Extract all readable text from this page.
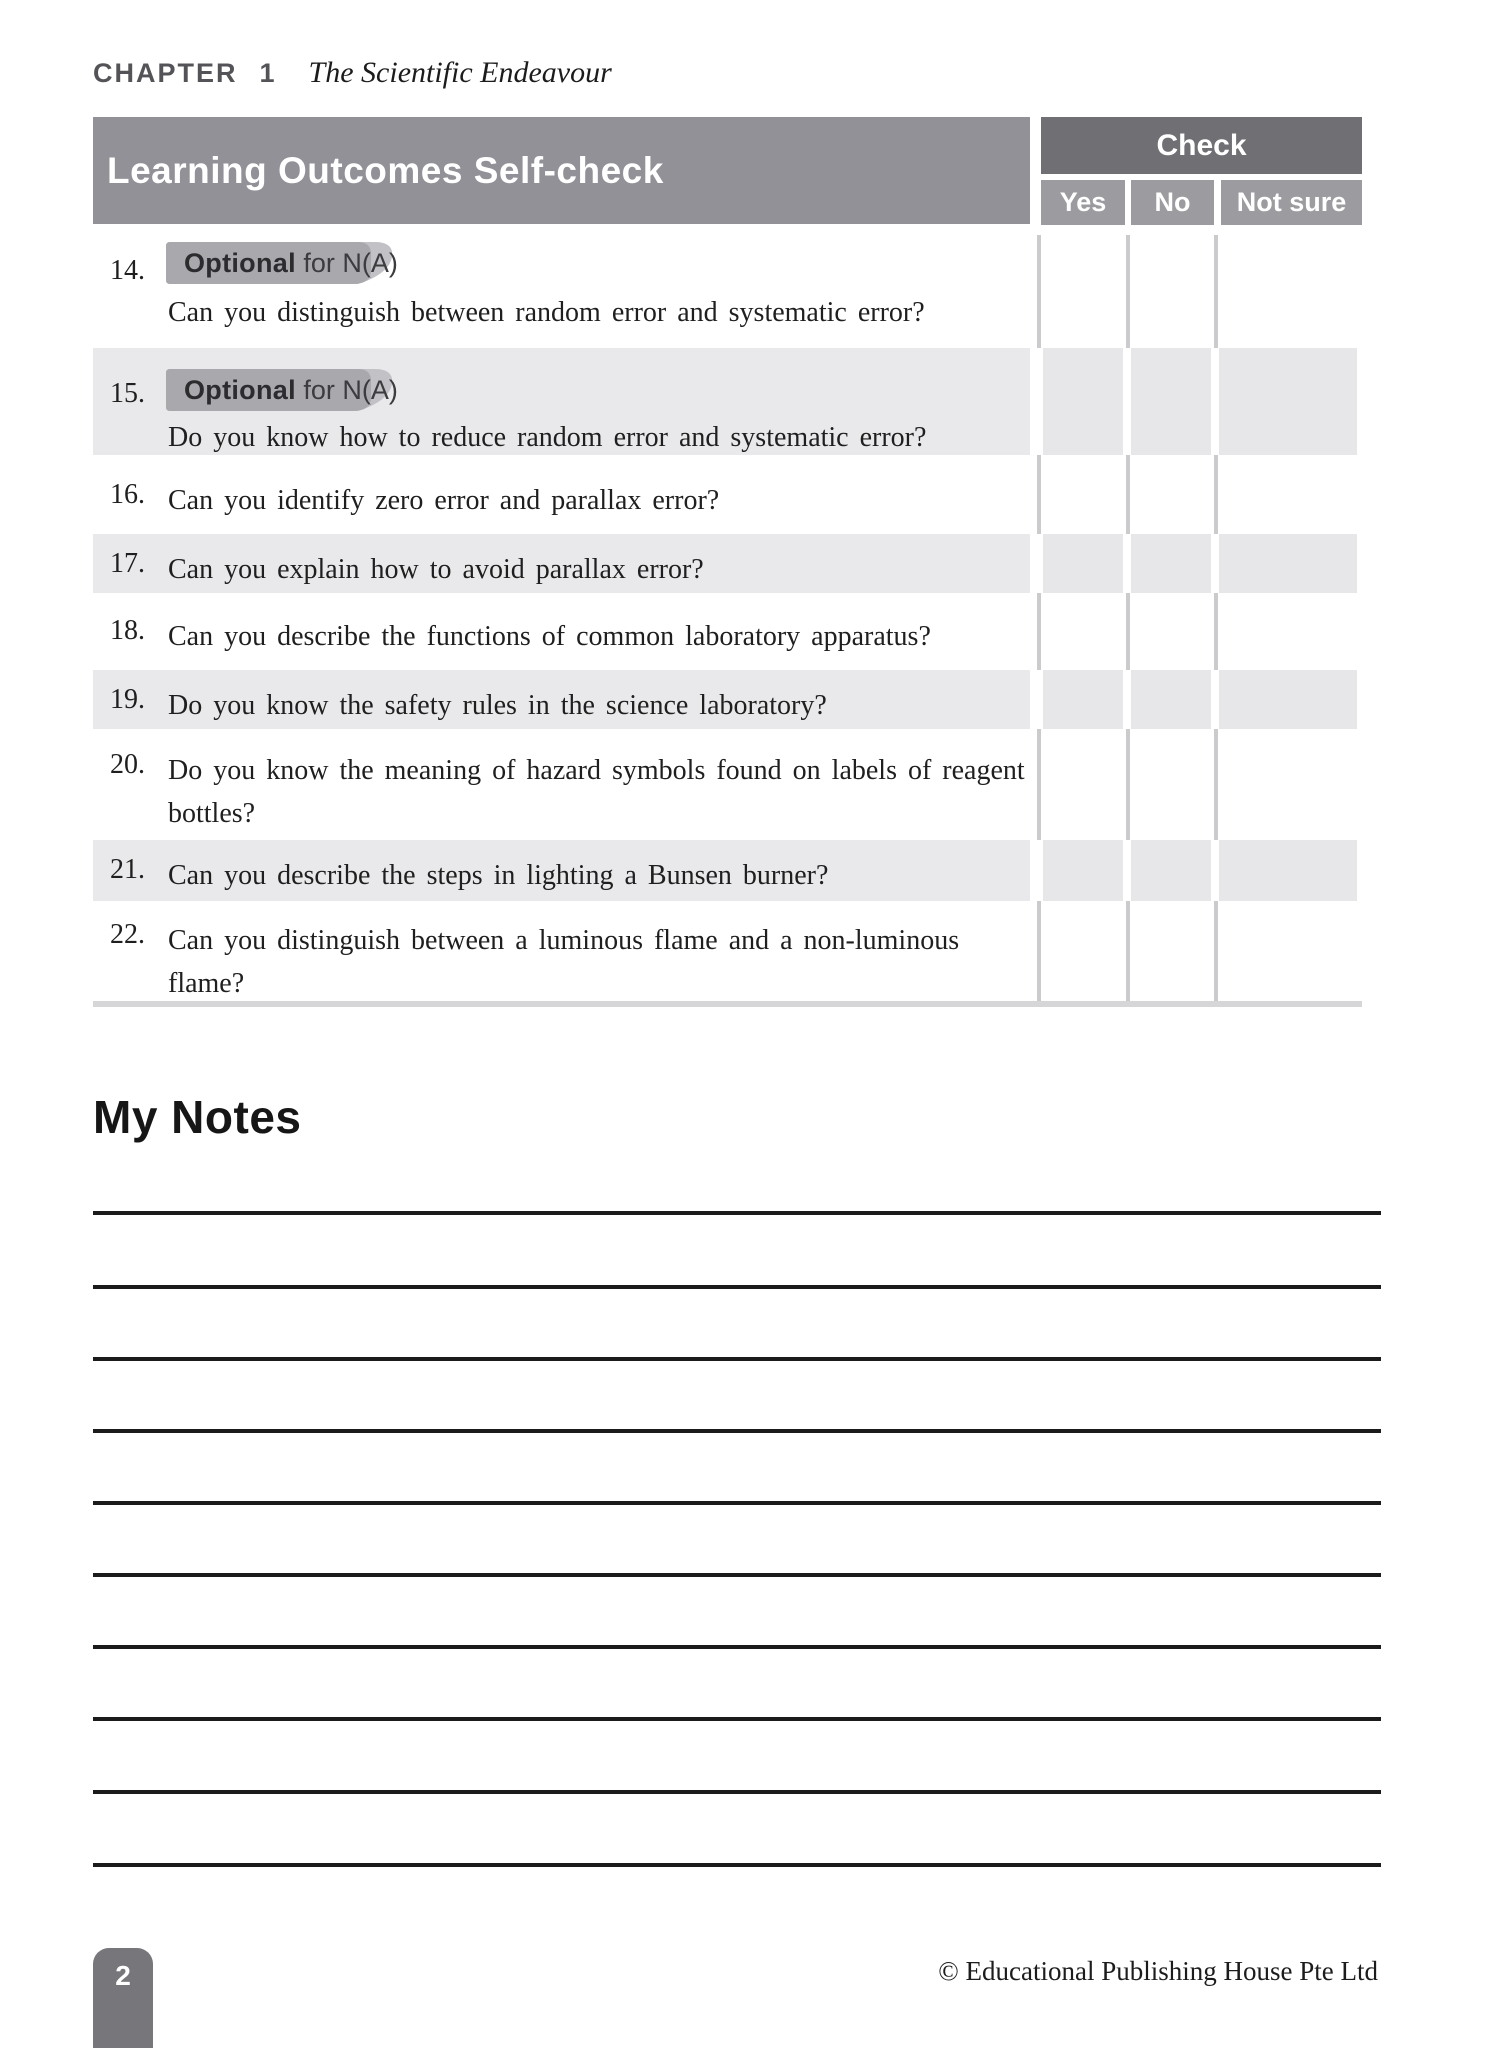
CHAPTER 1 The Scientific Endeavour
Learning Outcomes Self-check
Check
Yes	No	Not sure
14. Optional for N(A)
Can you distinguish between random error and systematic error?
15. Optional for N(A)
Do you know how to reduce random error and systematic error?
16. Can you identify zero error and parallax error?
17. Can you explain how to avoid parallax error?
18. Can you describe the functions of common laboratory apparatus?
19. Do you know the safety rules in the science laboratory?
20. Do you know the meaning of hazard symbols found on labels of reagent bottles?
21. Can you describe the steps in lighting a Bunsen burner?
22. Can you distinguish between a luminous flame and a non-luminous flame?
My Notes
2	© Educational Publishing House Pte Ltd
